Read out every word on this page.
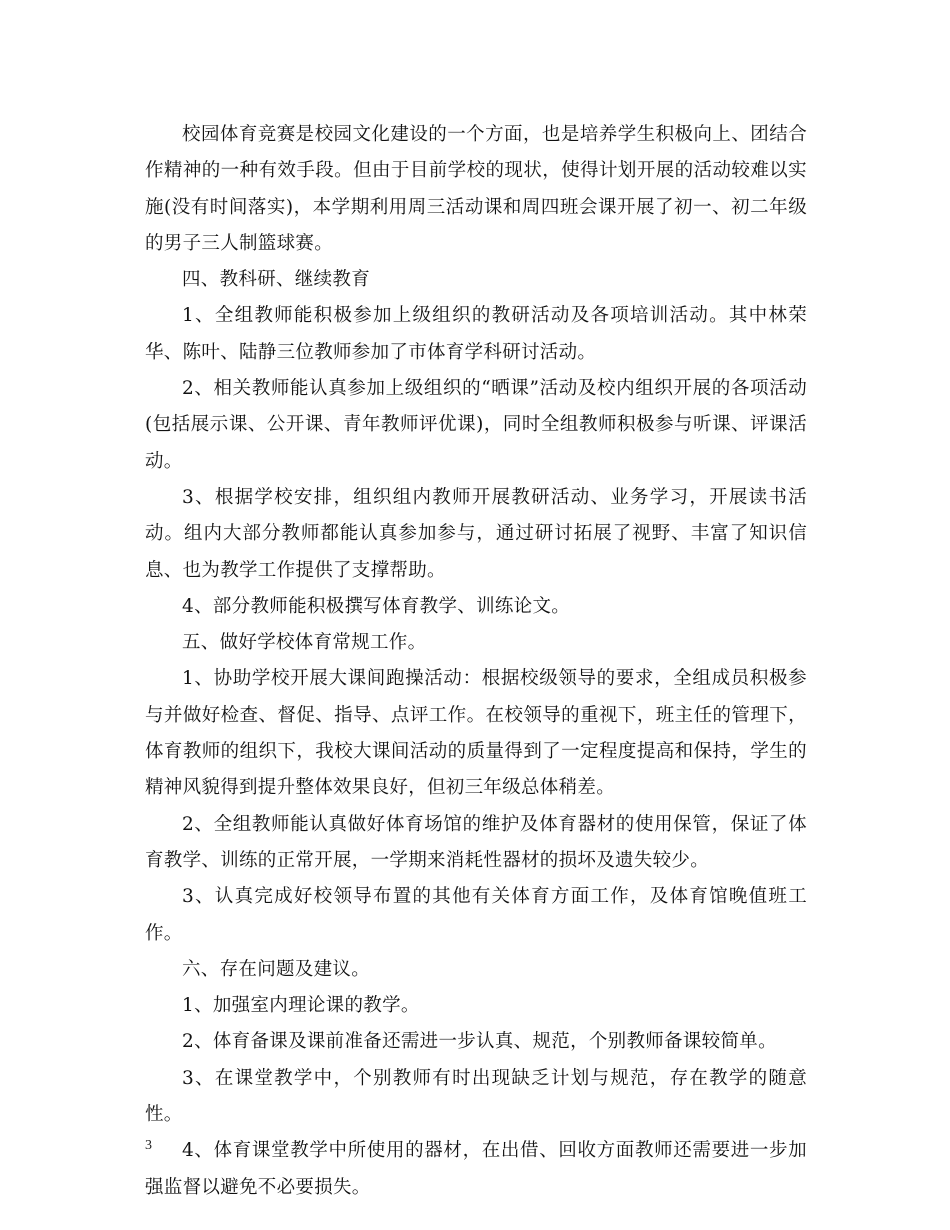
校园体育竞赛是校园文化建设的一个方面，也是培养学生积极向上、团结合作精神的一种有效手段。但由于目前学校的现状，使得计划开展的活动较难以实施(没有时间落实)，本学期利用周三活动课和周四班会课开展了初一、初二年级的男子三人制篮球赛。

四、教科研、继续教育

1、全组教师能积极参加上级组织的教研活动及各项培训活动。其中林荣华、陈叶、陆静三位教师参加了市体育学科研讨活动。

2、相关教师能认真参加上级组织的“晒课”活动及校内组织开展的各项活动(包括展示课、公开课、青年教师评优课)，同时全组教师积极参与听课、评课活动。

3、根据学校安排，组织组内教师开展教研活动、业务学习，开展读书活动。组内大部分教师都能认真参加参与，通过研讨拓展了视野、丰富了知识信息、也为教学工作提供了支撑帮助。

4、部分教师能积极撰写体育教学、训练论文。

五、做好学校体育常规工作。

1、协助学校开展大课间跑操活动：根据校级领导的要求，全组成员积极参与并做好检查、督促、指导、点评工作。在校领导的重视下，班主任的管理下，体育教师的组织下，我校大课间活动的质量得到了一定程度提高和保持，学生的精神风貌得到提升整体效果良好，但初三年级总体稍差。

2、全组教师能认真做好体育场馆的维护及体育器材的使用保管，保证了体育教学、训练的正常开展，一学期来消耗性器材的损坏及遗失较少。

3、认真完成好校领导布置的其他有关体育方面工作，及体育馆晚值班工作。

六、存在问题及建议。

1、加强室内理论课的教学。

2、体育备课及课前准备还需进一步认真、规范，个别教师备课较简单。

3、在课堂教学中，个别教师有时出现缺乏计划与规范，存在教学的随意性。

4、体育课堂教学中所使用的器材，在出借、回收方面教师还需要进一步加强监督以避免不必要损失。

3
